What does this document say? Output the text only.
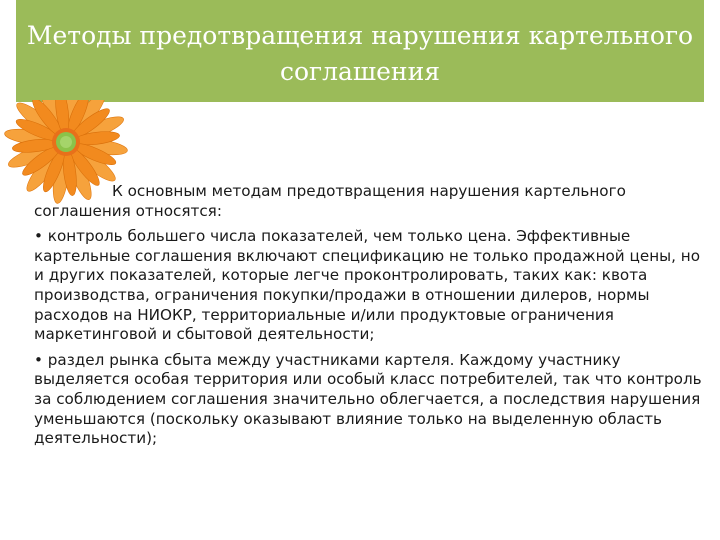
Методы предотвращения нарушения картельного соглашения

К основным методам предотвращения нарушения картельного соглашения относятся:

• контроль большего числа показателей, чем только цена. Эффективные картельные соглашения включают спецификацию не только продажной цены, но и других показателей, которые легче проконтролировать, таких как: квота производства, ограничения покупки/продажи в отношении дилеров, нормы расходов на НИОКР, территориальные и/или продуктовые ограничения маркетинговой и сбытовой деятельности;

• раздел рынка сбыта между участниками картеля. Каждому участнику выделяется особая территория или особый класс потребителей, так что контроль за соблюдением соглашения значительно облегчается, а последствия нарушения уменьшаются (поскольку оказывают влияние только на выделенную область деятельности);
